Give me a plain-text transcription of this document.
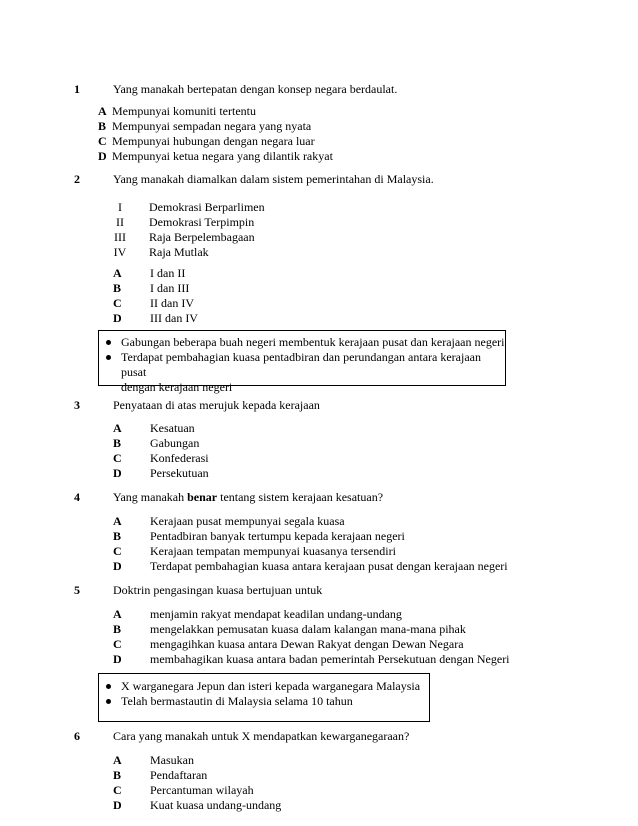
1	Yang manakah bertepatan dengan konsep negara berdaulat.
A Mempunyai komuniti tertentu
B Mempunyai sempadan negara yang nyata
C Mempunyai hubungan dengan negara luar
D Mempunyai ketua negara yang dilantik rakyat
2	Yang manakah diamalkan dalam sistem pemerintahan di Malaysia.
I Demokrasi Berparlimen
II Demokrasi Terpimpin
III Raja Berpelembagaan
IV Raja Mutlak
A I dan II
B I dan III
C II dan IV
D III dan IV
Gabungan beberapa buah negeri membentuk kerajaan pusat dan kerajaan negeri
Terdapat pembahagian kuasa pentadbiran dan perundangan antara kerajaan pusat
dengan kerajaan negeri
3	Penyataan di atas merujuk kepada kerajaan
A Kesatuan
B Gabungan
C Konfederasi
D Persekutuan
4	Yang manakah benar tentang sistem kerajaan kesatuan?
A Kerajaan pusat mempunyai segala kuasa
B Pentadbiran banyak tertumpu kepada kerajaan negeri
C Kerajaan tempatan mempunyai kuasanya tersendiri
D Terdapat pembahagian kuasa antara kerajaan pusat dengan kerajaan negeri
5	Doktrin pengasingan kuasa bertujuan untuk
A menjamin rakyat mendapat keadilan undang-undang
B mengelakkan pemusatan kuasa dalam kalangan mana-mana pihak
C mengagihkan kuasa antara Dewan Rakyat dengan Dewan Negara
D membahagikan kuasa antara badan pemerintah Persekutuan dengan Negeri
X warganegara Jepun dan isteri kepada warganegara Malaysia
Telah bermastautin di Malaysia selama 10 tahun
6	Cara yang manakah untuk X mendapatkan kewarganegaraan?
A Masukan
B Pendaftaran
C Percantuman wilayah
D Kuat kuasa undang-undang
